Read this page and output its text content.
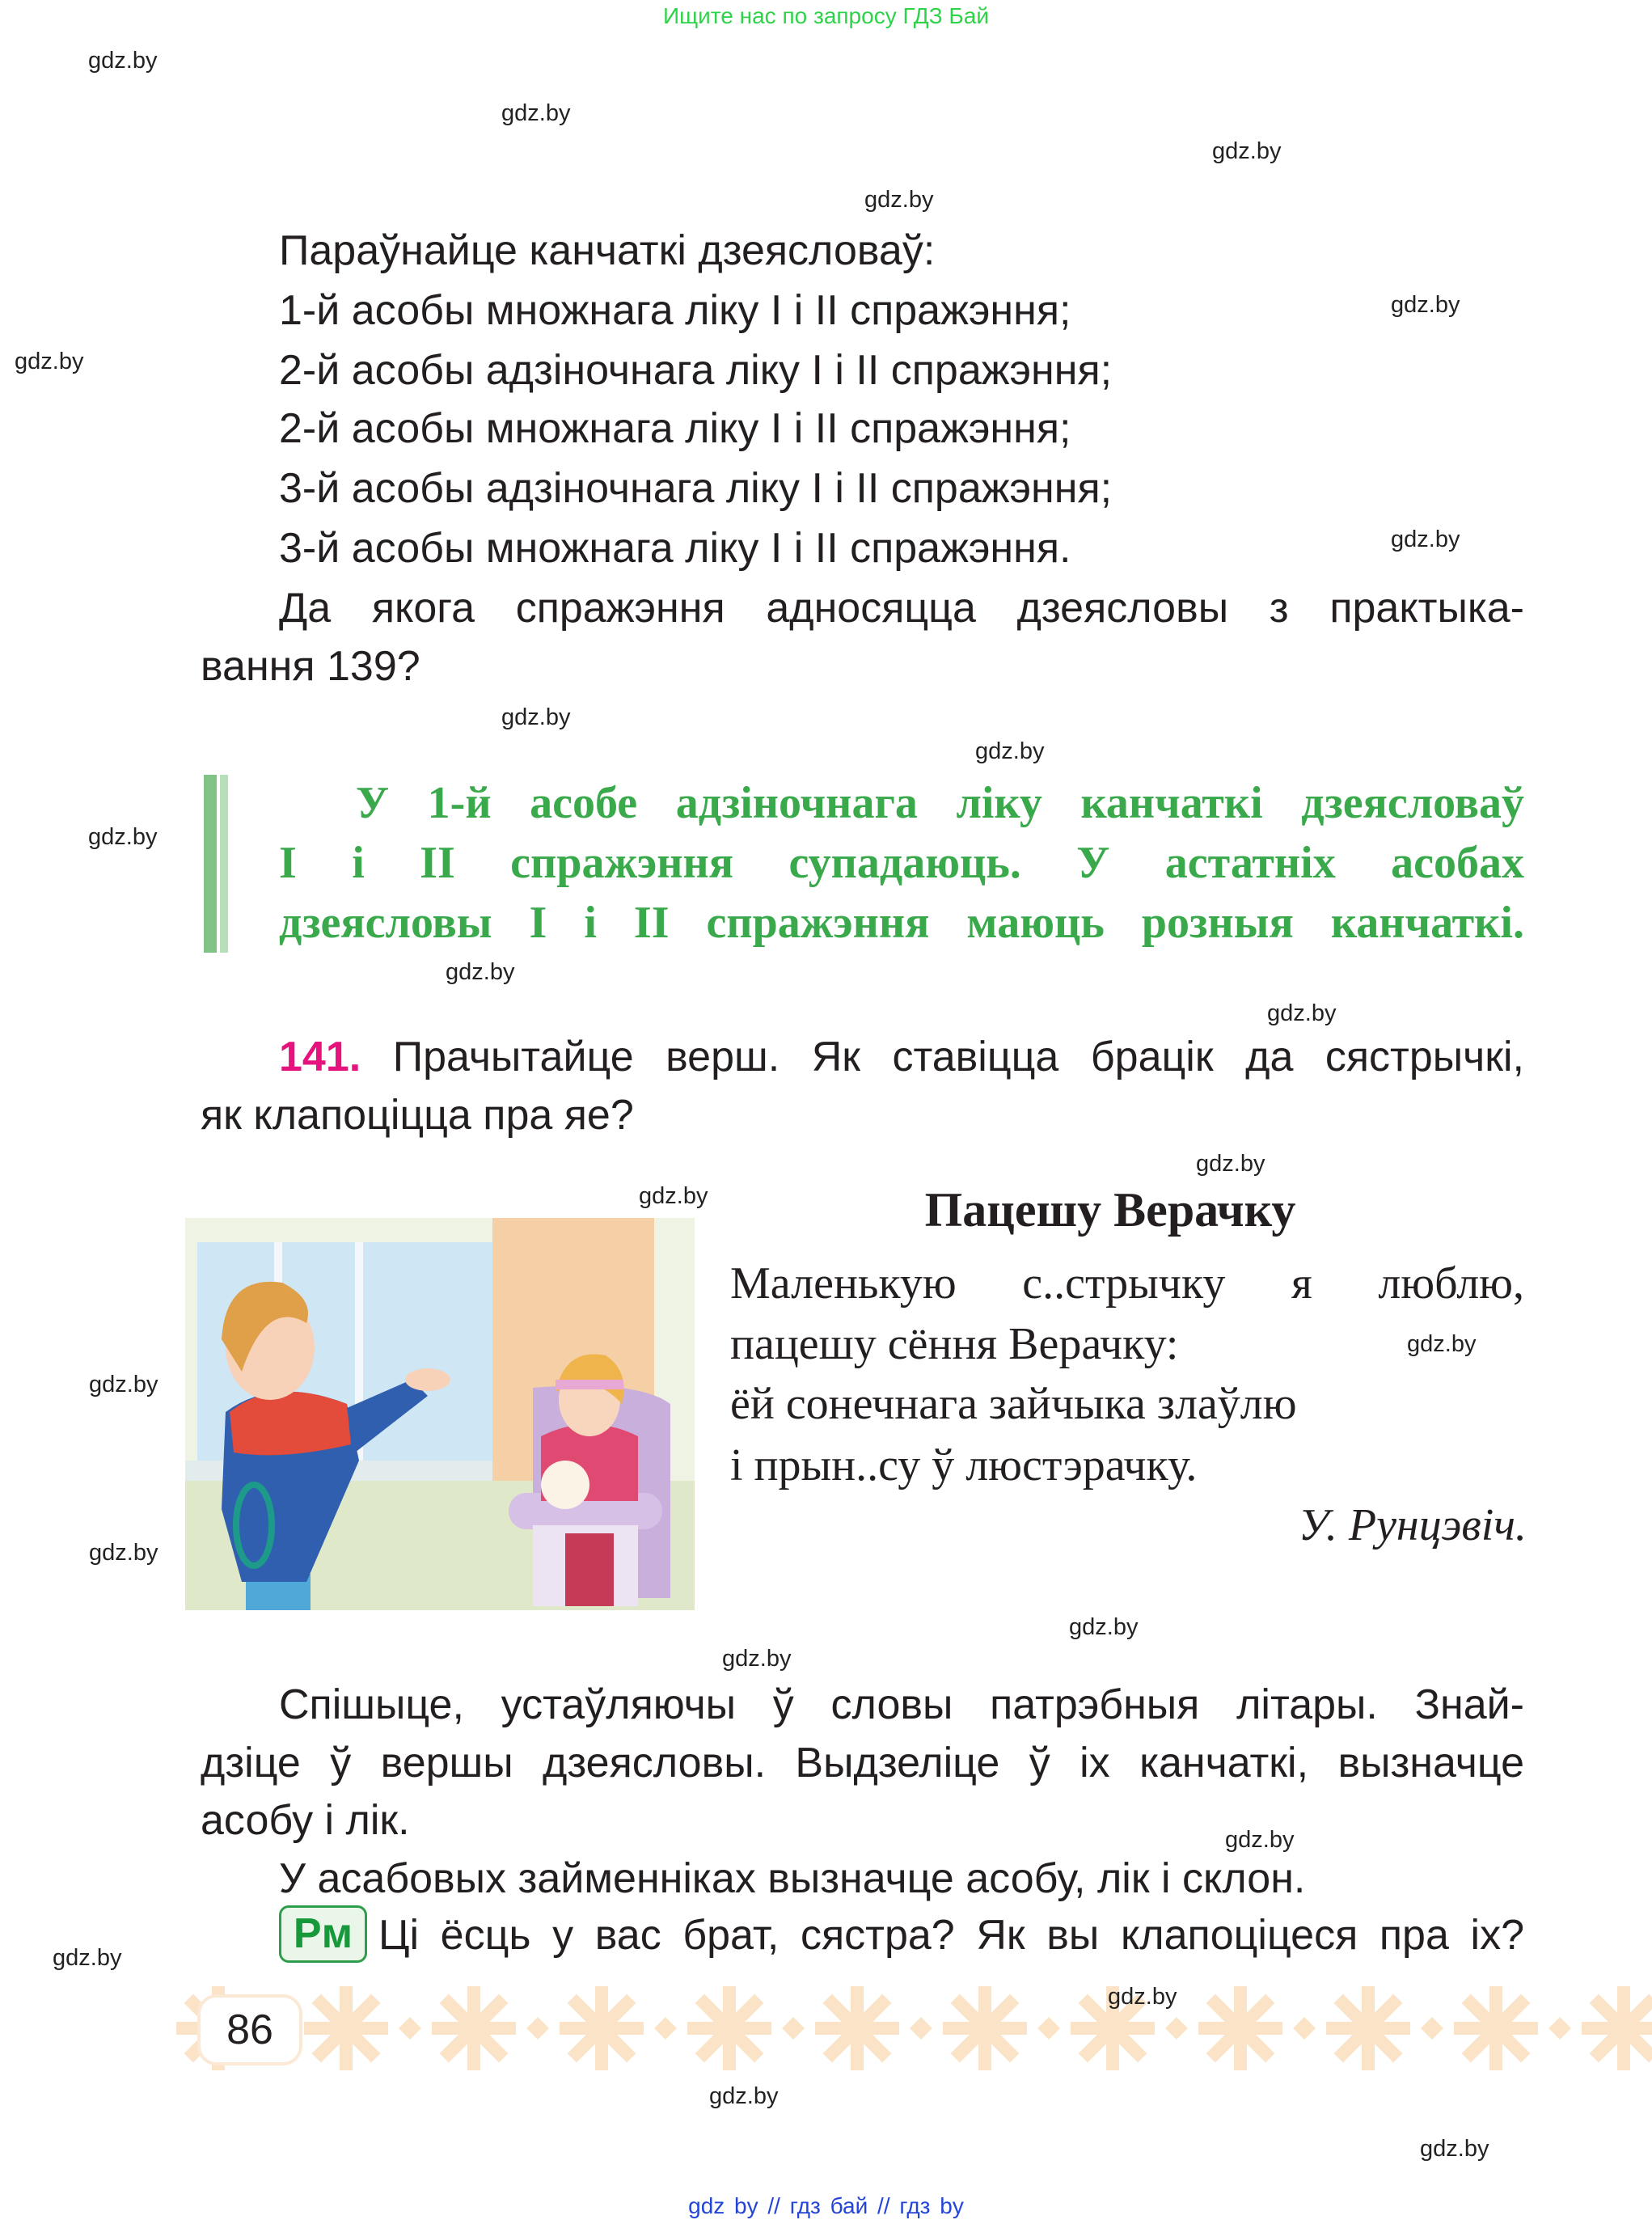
Ищите нас по запросу ГДЗ Бай
gdz.by
gdz.by
gdz.by
gdz.by
gdz.by
gdz.by
gdz.by
gdz.by
gdz.by
gdz.by
gdz.by
gdz.by
gdz.by
gdz.by
gdz.by
gdz.by
gdz.by
gdz.by
gdz.by
gdz.by
gdz.by
gdz.by
gdz.by
gdz.by
Параўнайце канчаткі дзеясловаў:
1-й асобы множнага ліку I і II спражэння;
2-й асобы адзіночнага ліку I і II спражэння;
2-й асобы множнага ліку I і II спражэння;
3-й асобы адзіночнага ліку I і II спражэння;
3-й асобы множнага ліку I і II спражэння.
Да якога спражэння адносяцца дзеясловы з практыка-
вання 139?
У 1-й асобе адзіночнага ліку канчаткі дзеясловаў
I і II спражэння супадаюць. У астатніх асобах
дзеясловы I і II спражэння маюць розныя канчаткі.
141. Прачытайце верш. Як ставіцца брацік да сястрычкі,
як клапоціцца пра яе?
Пацешу Верачку
Маленькую с..стрычку я люблю,
пацешу сёння Верачку:
ёй сонечнага зайчыка злаўлю
і прын..су ў люстэрачку.
У. Рунцэвіч.
Спішыце, устаўляючы ў словы патрэбныя літары. Знай-
дзіце ў вершы дзеясловы. Выдзеліце ў іх канчаткі, вызначце
асобу і лік.
У асабовых займенніках вызначце асобу, лік і склон.
Рм Ці ёсць у вас брат, сястра? Як вы клапоціцеся пра іх?
86
gdz by // гдз бай // гдз by
